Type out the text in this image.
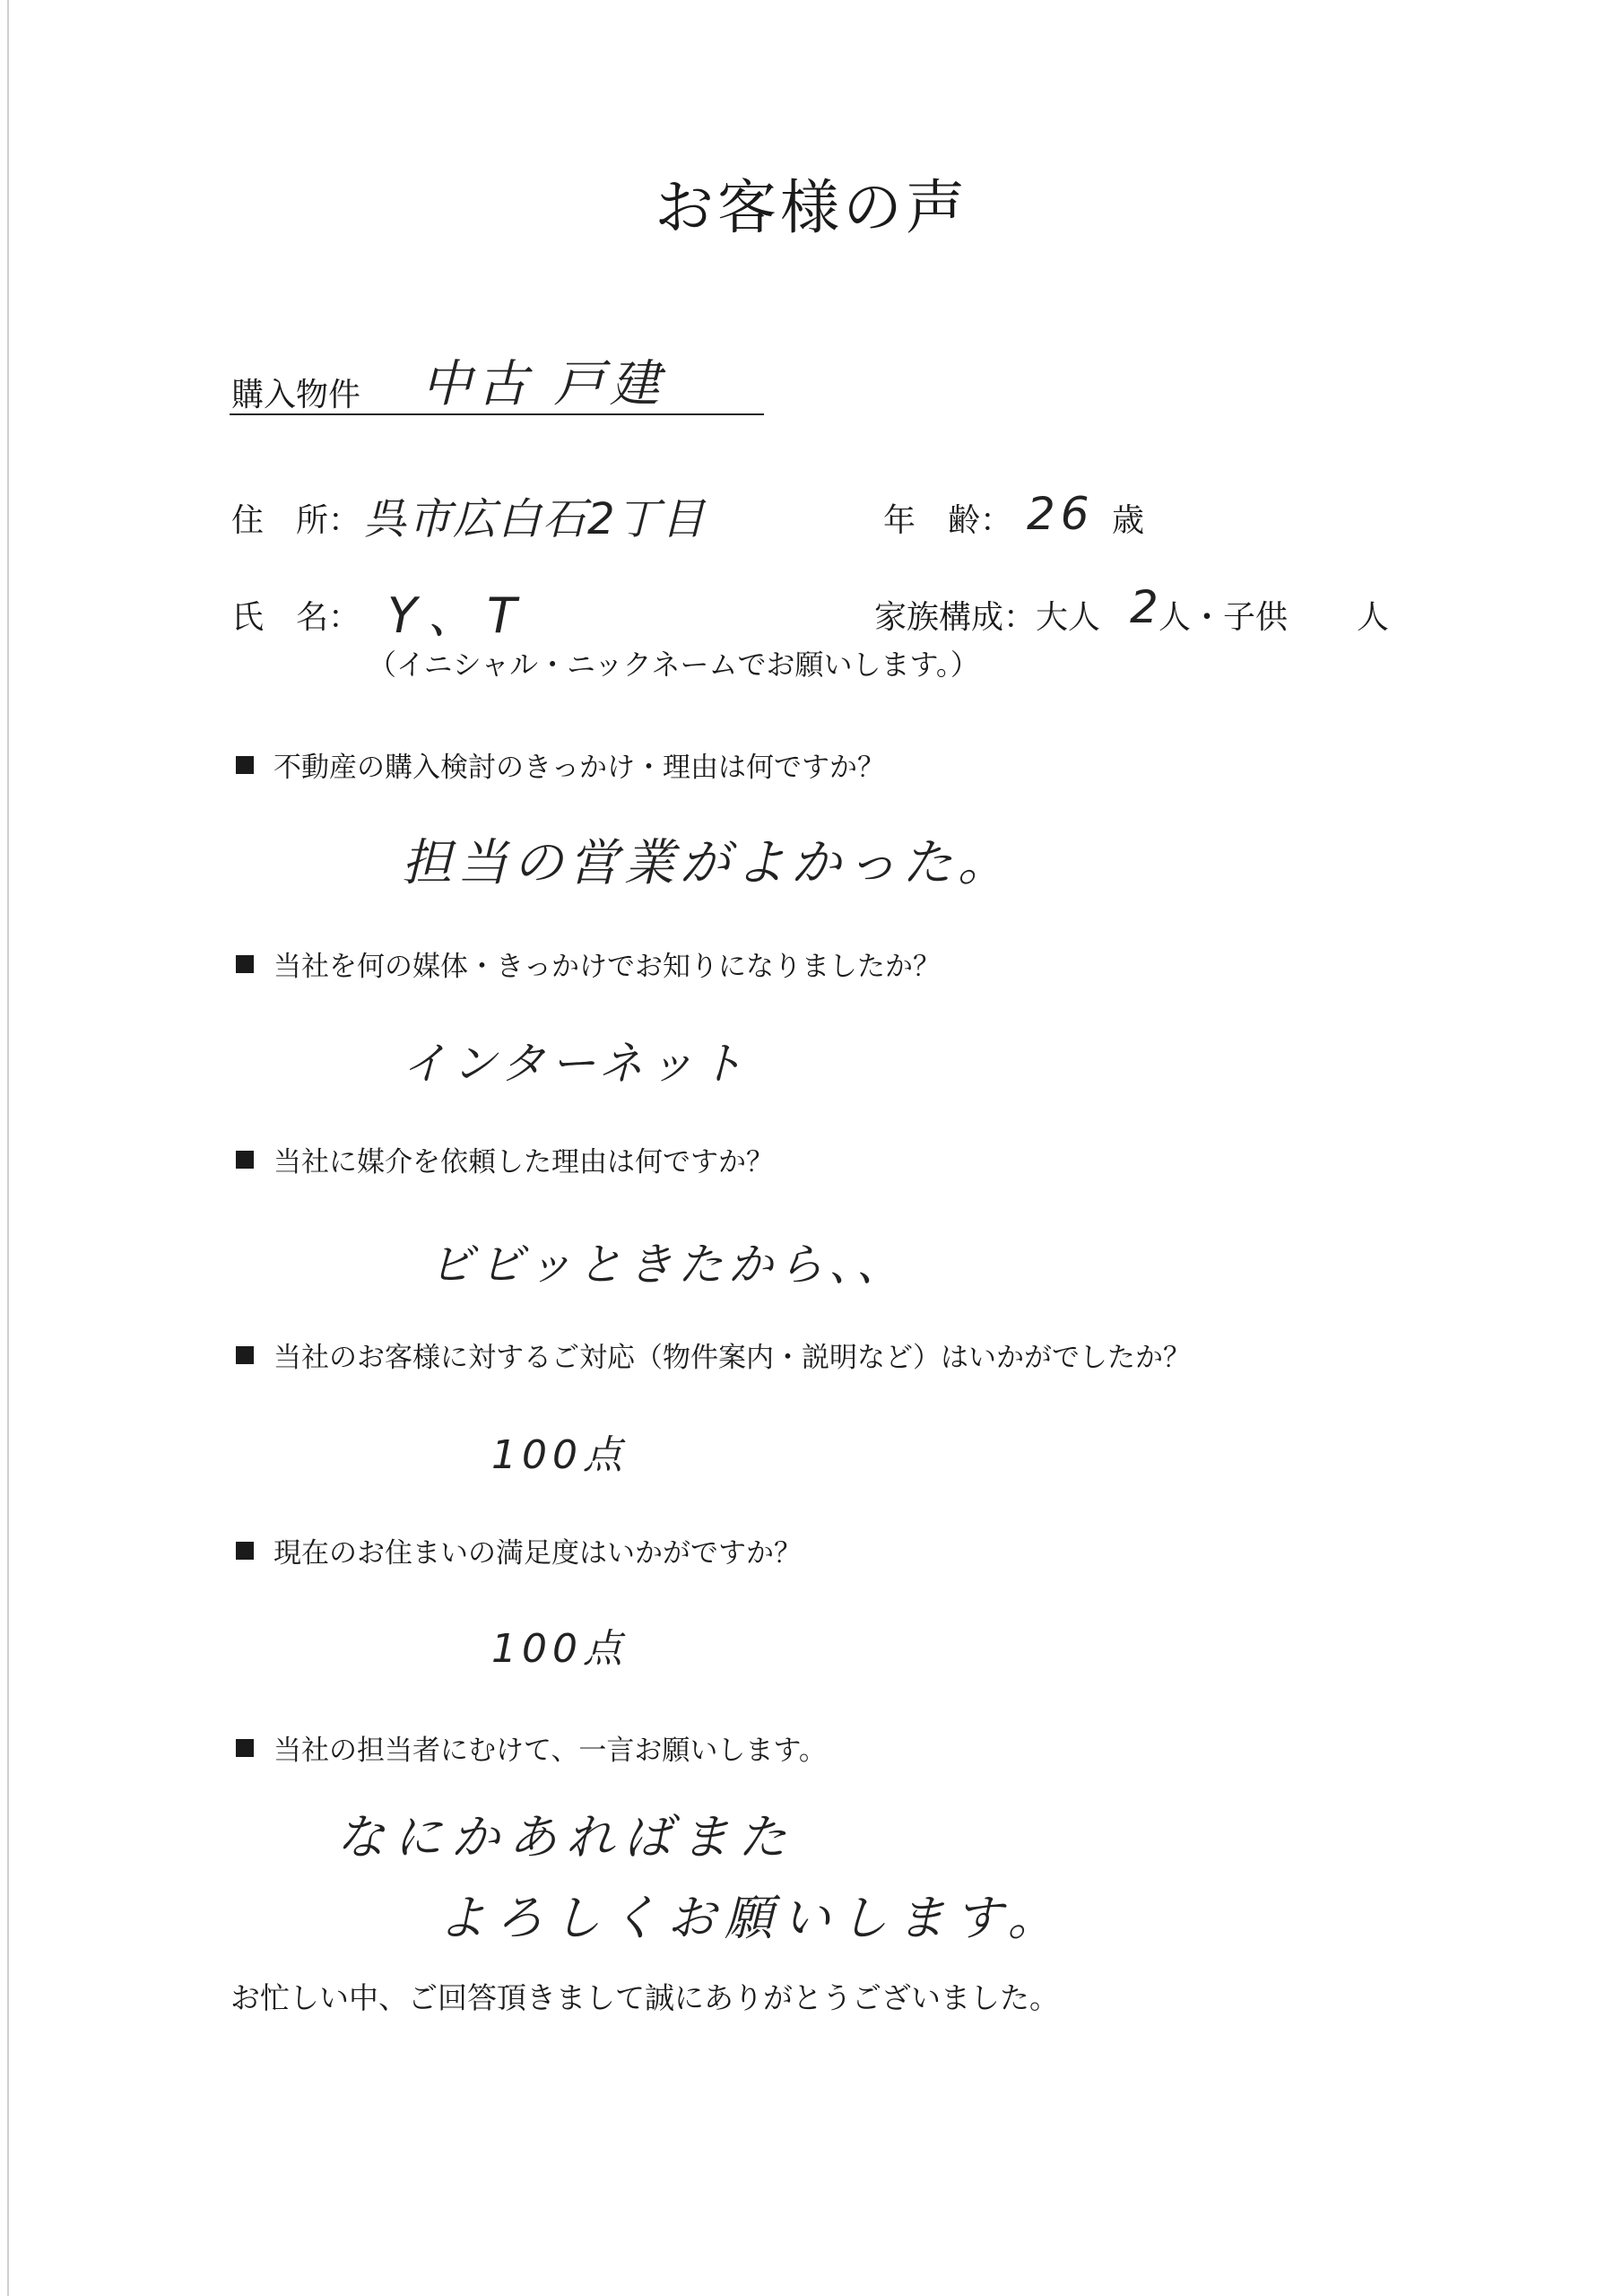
お客様の声
購入物件 中古 戸建
住　所： 呉市広白石2丁目	年　齢： 26 歳
氏　名： Y、T
（イニシャル・ニックネームでお願いします。）
家族構成：大人 2
人・子供 人
不動産の購入検討のきっかけ・理由は何ですか？
担当の営業がよかった。
当社を何の媒体・きっかけでお知りになりましたか？
インターネット
当社に媒介を依頼した理由は何ですか？
ビビッときたから、、
当社のお客様に対するご対応（物件案内・説明など）はいかがでしたか？
100点
現在のお住まいの満足度はいかがですか？
100点
当社の担当者にむけて、一言お願いします。
なにかあればまた
よろしくお願いします。
お忙しい中、ご回答頂きまして誠にありがとうございました。
